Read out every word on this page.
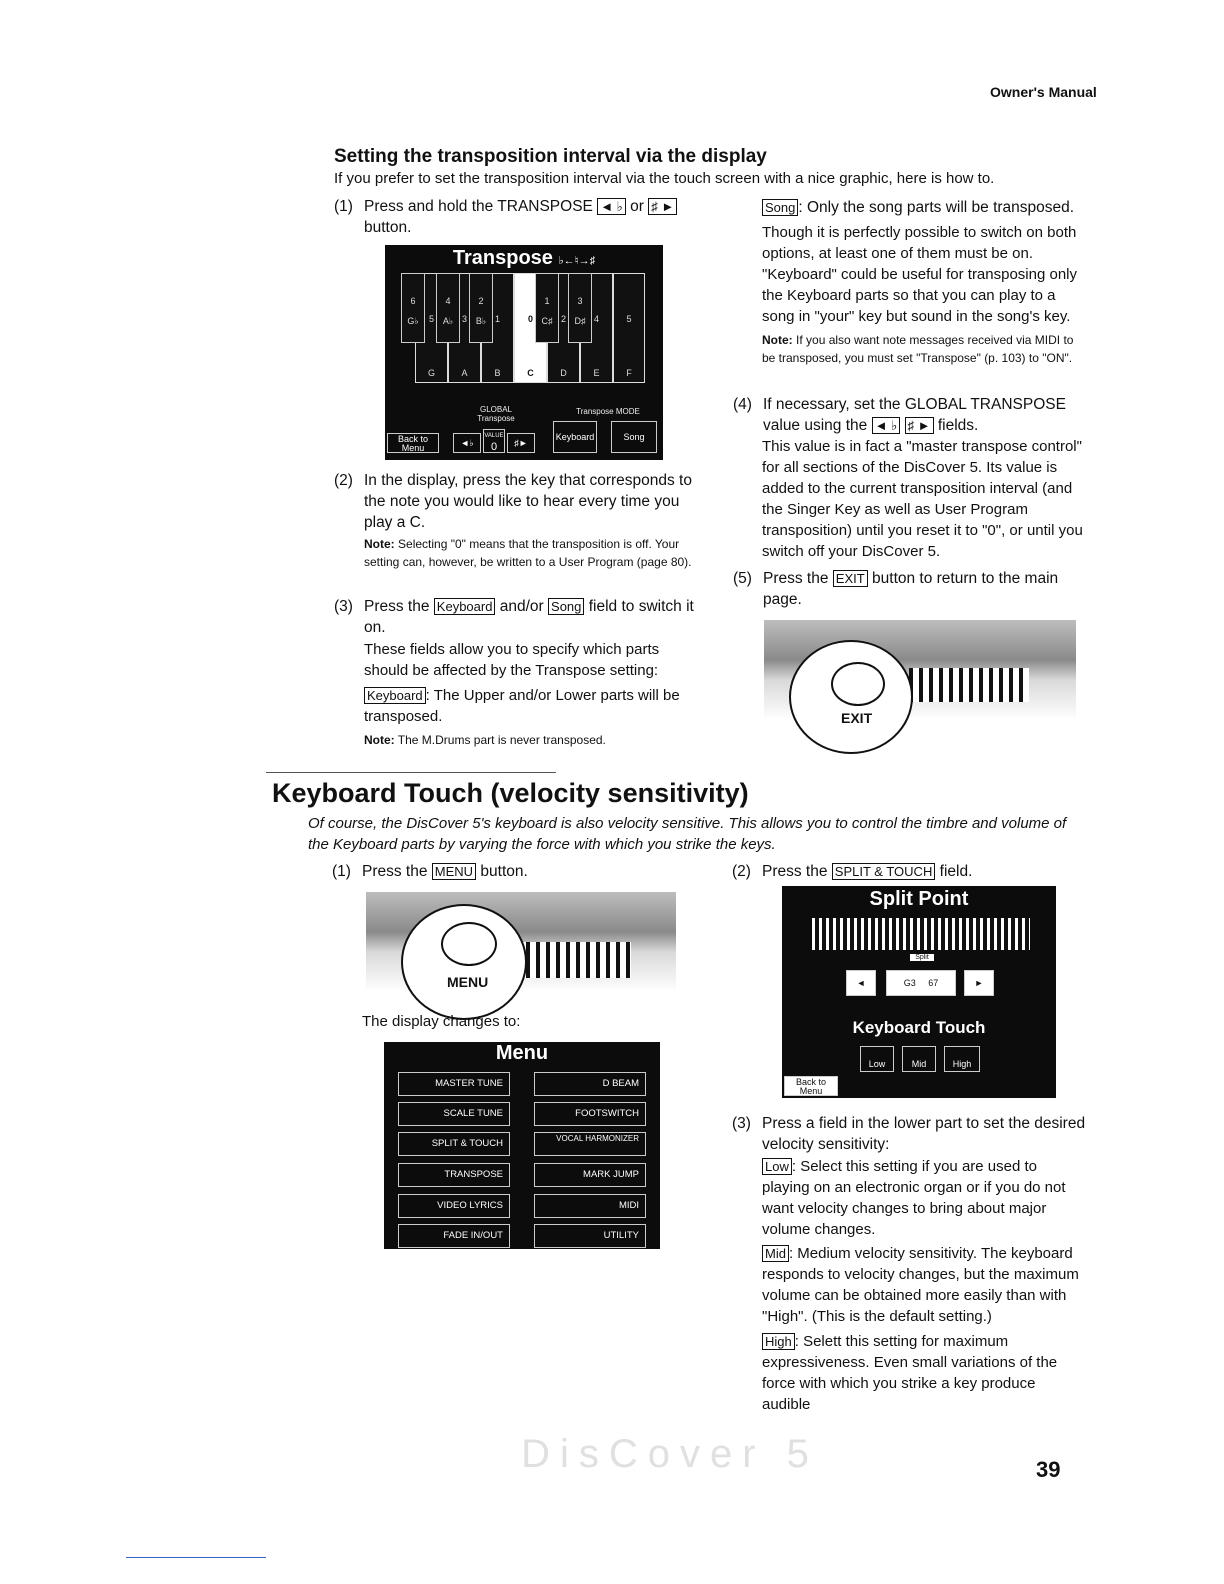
Owner's Manual
Setting the transposition interval via the display
If you prefer to set the transposition interval via the touch screen with a nice graphic, here is how to.
(1) Press and hold the TRANSPOSE ◄ ♭ or ♯ ►
button.
Transpose ♭←♮→♯
5
G
3
A
1
B
0
C
2
D
4
E
5
F
6
G♭
4
A♭
2
B♭
1
C♯
3
D♯
GLOBAL Transpose
Transpose MODE
Back to Menu	◄♭
VALUE
0	♯►
Keyboard	Song
(2) In the display, press the key that corresponds to the note you would like to hear every time you play a C.
Note: Selecting "0" means that the transposition is off. Your setting can, however, be written to a User Program (page 80).
(3) Press the Keyboard and/or Song field to switch it on.
These fields allow you to specify which parts should be affected by the Transpose setting:
Keyboard : The Upper and/or Lower parts will be transposed.
Note: The M.Drums part is never transposed.
Song : Only the song parts will be transposed.
Though it is perfectly possible to switch on both options, at least one of them must be on. "Keyboard" could be useful for transposing only the Keyboard parts so that you can play to a song in "your" key but sound in the song's key.
Note: If you also want note messages received via MIDI to be transposed, you must set "Transpose" (p. 103) to "ON".
(4) If necessary, set the GLOBAL TRANSPOSE value using the ◄ ♭ ♯ ► fields.
This value is in fact a "master transpose control" for all sections of the DisCover 5. Its value is added to the current transposition interval (and the Singer Key as well as User Program transposition) until you reset it to "0", or until you switch off your DisCover 5.
(5) Press the EXIT button to return to the main page.
EXIT
Keyboard Touch (velocity sensitivity)
Of course, the DisCover 5's keyboard is also velocity sensitive. This allows you to control the timbre and volume of the Keyboard parts by varying the force with which you strike the keys.
(1) Press the MENU button.
MENU
The display changes to:
Menu
MASTER TUNE
SCALE TUNE
SPLIT & TOUCH
TRANSPOSE
VIDEO LYRICS
FADE IN/OUT
D BEAM
FOOTSWITCH
VOCAL HARMONIZER
MARK JUMP
MIDI
UTILITY
(2) Press the SPLIT & TOUCH field.
Split Point
Split
◄	G3 67	►
Keyboard Touch
Low	Mid	High
Back to Menu
(3) Press a field in the lower part to set the desired velocity sensitivity:
Low : Select this setting if you are used to playing on an electronic organ or if you do not want velocity changes to bring about major volume changes.
Mid : Medium velocity sensitivity. The keyboard responds to velocity changes, but the maximum volume can be obtained more easily than with "High". (This is the default setting.)
High : Selett this setting for maximum expressiveness. Even small variations of the force with which you strike a key produce audible
DisCover 5	39
